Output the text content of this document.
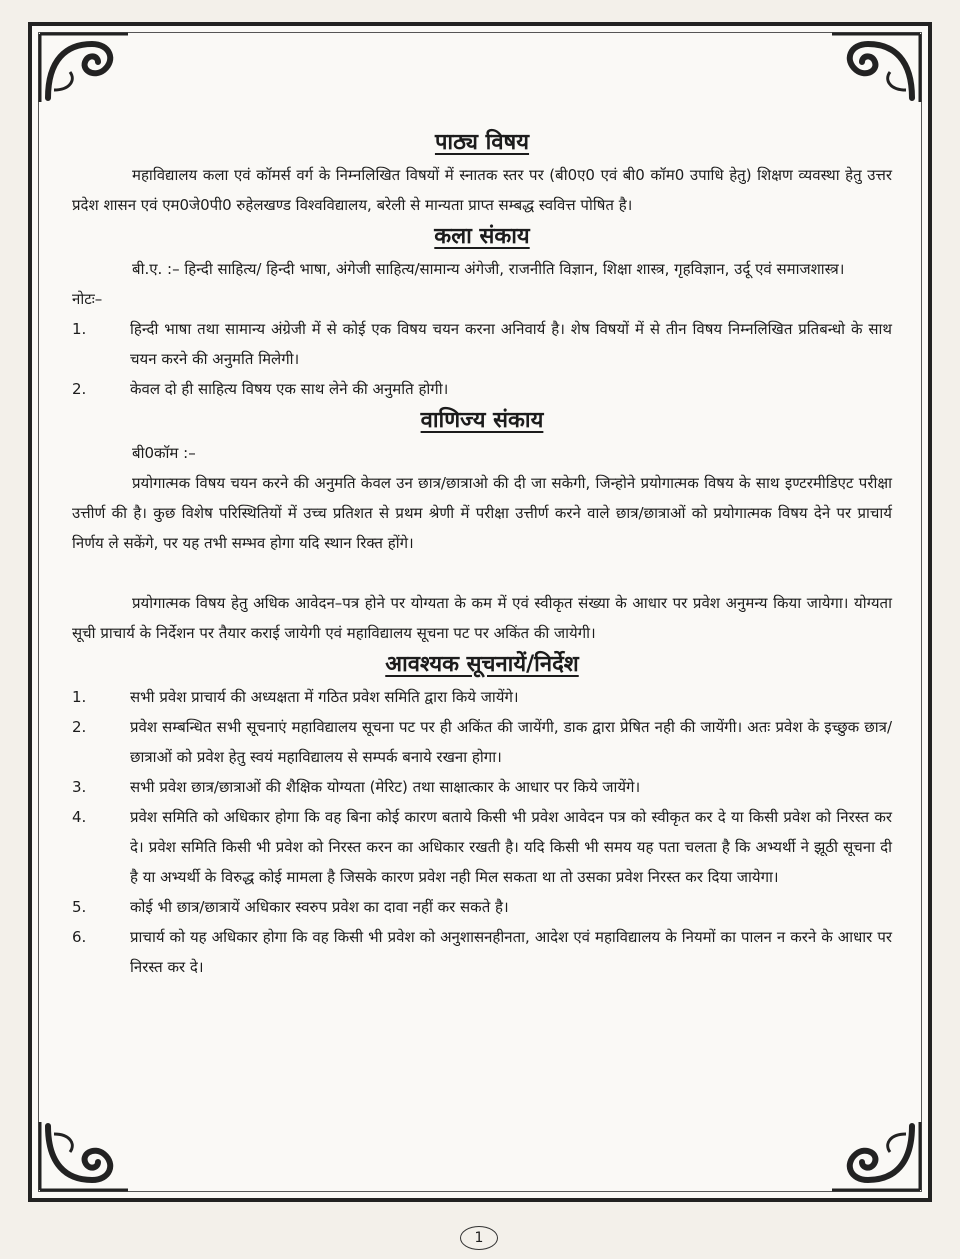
पाठ्य विषय

महाविद्यालय कला एवं कॉमर्स वर्ग के निम्नलिखित विषयों में स्नातक स्तर पर (बी0ए0 एवं बी0 कॉम0 उपाधि हेतु) शिक्षण व्यवस्था हेतु उत्तर प्रदेश शासन एवं एम0जे0पी0 रुहेलखण्ड विश्वविद्यालय, बरेली से मान्यता प्राप्त सम्बद्ध स्ववित्त पोषित है।

कला संकाय

बी.ए. :– हिन्दी साहित्य/ हिन्दी भाषा, अंगेजी साहित्य/सामान्य अंगेजी, राजनीति विज्ञान, शिक्षा शास्त्र, गृहविज्ञान, उर्दू एवं समाजशास्त्र।

नोटः–

1.	हिन्दी भाषा तथा सामान्य अंग्रेजी में से कोई एक विषय चयन करना अनिवार्य है। शेष विषयों में से तीन विषय निम्नलिखित प्रतिबन्धो के साथ चयन करने की अनुमति मिलेगी।
2.	केवल दो ही साहित्य विषय एक साथ लेने की अनुमति होगी।
वाणिज्य संकाय

बी0कॉम :–

प्रयोगात्मक विषय चयन करने की अनुमति केवल उन छात्र/छात्राओ की दी जा सकेगी, जिन्होने प्रयोगात्मक विषय के साथ इण्टरमीडिएट परीक्षा उत्तीर्ण की है। कुछ विशेष परिस्थितियों में उच्च प्रतिशत से प्रथम श्रेणी में परीक्षा उत्तीर्ण करने वाले छात्र/छात्राओं को प्रयोगात्मक विषय देने पर प्राचार्य निर्णय ले सकेंगे, पर यह तभी सम्भव होगा यदि स्थान रिक्त होंगे।

प्रयोगात्मक विषय हेतु अधिक आवेदन–पत्र होने पर योग्यता के कम में एवं स्वीकृत संख्या के आधार पर प्रवेश अनुमन्य किया जायेगा। योग्यता सूची प्राचार्य के निर्देशन पर तैयार कराई जायेगी एवं महाविद्यालय सूचना पट पर अकिंत की जायेगी।

आवश्यक सूचनायें/निर्देश
1.	सभी प्रवेश प्राचार्य की अध्यक्षता में गठित प्रवेश समिति द्वारा किये जायेंगे।
2.	प्रवेश सम्बन्धित सभी सूचनाएं महाविद्यालय सूचना पट पर ही अकिंत की जायेंगी, डाक द्वारा प्रेषित नही की जायेंगी। अतः प्रवेश के इच्छुक छात्र/छात्राओं को प्रवेश हेतु स्वयं महाविद्यालय से सम्पर्क बनाये रखना होगा।
3.	सभी प्रवेश छात्र/छात्राओं की शैक्षिक योग्यता (मेरिट) तथा साक्षात्कार के आधार पर किये जायेंगे।
4.	प्रवेश समिति को अधिकार होगा कि वह बिना कोई कारण बताये किसी भी प्रवेश आवेदन पत्र को स्वीकृत कर दे या किसी प्रवेश को निरस्त कर दे। प्रवेश समिति किसी भी प्रवेश को निरस्त करन का अधिकार रखती है। यदि किसी भी समय यह पता चलता है कि अभ्यर्थी ने झूठी सूचना दी है या अभ्यर्थी के विरुद्ध कोई मामला है जिसके कारण प्रवेश नही मिल सकता था तो उसका प्रवेश निरस्त कर दिया जायेगा।
5.	कोई भी छात्र/छात्रायें अधिकार स्वरुप प्रवेश का दावा नहीं कर सकते है।
6.	प्राचार्य को यह अधिकार होगा कि वह किसी भी प्रवेश को अनुशासनहीनता, आदेश एवं महाविद्यालय के नियमों का पालन न करने के आधार पर निरस्त कर दे।
1
